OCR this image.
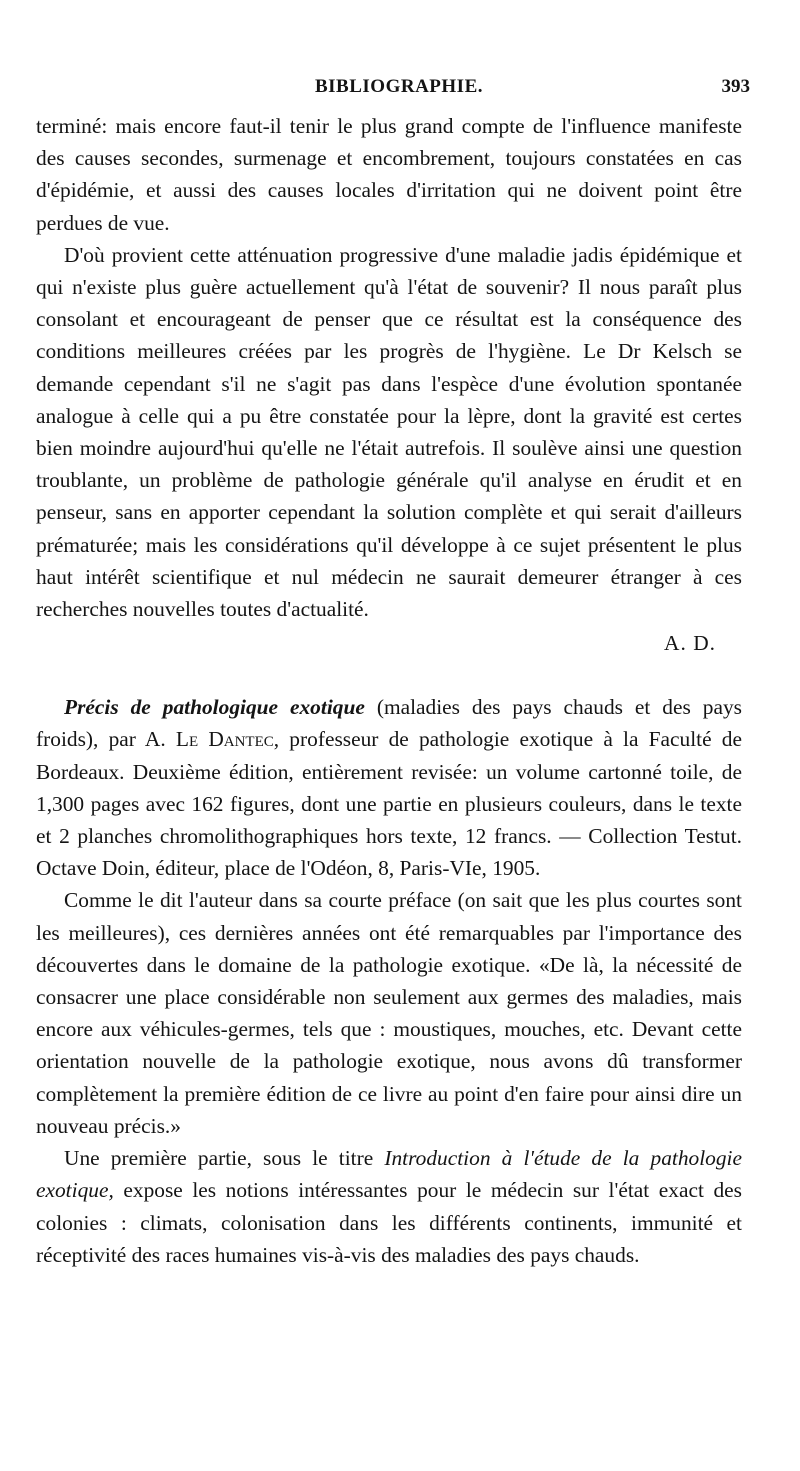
BIBLIOGRAPHIE.	393

terminé: mais encore faut-il tenir le plus grand compte de l'influence manifeste des causes secondes, surmenage et encombrement, toujours constatées en cas d'épidémie, et aussi des causes locales d'irritation qui ne doivent point être perdues de vue.

D'où provient cette atténuation progressive d'une maladie jadis épidémique et qui n'existe plus guère actuellement qu'à l'état de souvenir? Il nous paraît plus consolant et encourageant de penser que ce résultat est la conséquence des conditions meilleures créées par les progrès de l'hygiène. Le Dr Kelsch se demande cependant s'il ne s'agit pas dans l'espèce d'une évolution spontanée analogue à celle qui a pu être constatée pour la lèpre, dont la gravité est certes bien moindre aujourd'hui qu'elle ne l'était autrefois. Il soulève ainsi une question troublante, un problème de pathologie générale qu'il analyse en érudit et en penseur, sans en apporter cependant la solution complète et qui serait d'ailleurs prématurée; mais les considérations qu'il développe à ce sujet présentent le plus haut intérêt scientifique et nul médecin ne saurait demeurer étranger à ces recherches nouvelles toutes d'actualité.

A. D.

Précis de pathologique exotique (maladies des pays chauds et des pays froids), par A. Le Dantec, professeur de pathologie exotique à la Faculté de Bordeaux. Deuxième édition, entièrement revisée: un volume cartonné toile, de 1,300 pages avec 162 figures, dont une partie en plusieurs couleurs, dans le texte et 2 planches chromolithographiques hors texte, 12 francs. — Collection Testut. Octave Doin, éditeur, place de l'Odéon, 8, Paris-VIe, 1905.

Comme le dit l'auteur dans sa courte préface (on sait que les plus courtes sont les meilleures), ces dernières années ont été remarquables par l'importance des découvertes dans le domaine de la pathologie exotique. «De là, la nécessité de consacrer une place considérable non seulement aux germes des maladies, mais encore aux véhicules-germes, tels que : moustiques, mouches, etc. Devant cette orientation nouvelle de la pathologie exotique, nous avons dû transformer complètement la première édition de ce livre au point d'en faire pour ainsi dire un nouveau précis.»

Une première partie, sous le titre Introduction à l'étude de la pathologie exotique, expose les notions intéressantes pour le médecin sur l'état exact des colonies : climats, colonisation dans les différents continents, immunité et réceptivité des races humaines vis-à-vis des maladies des pays chauds.
